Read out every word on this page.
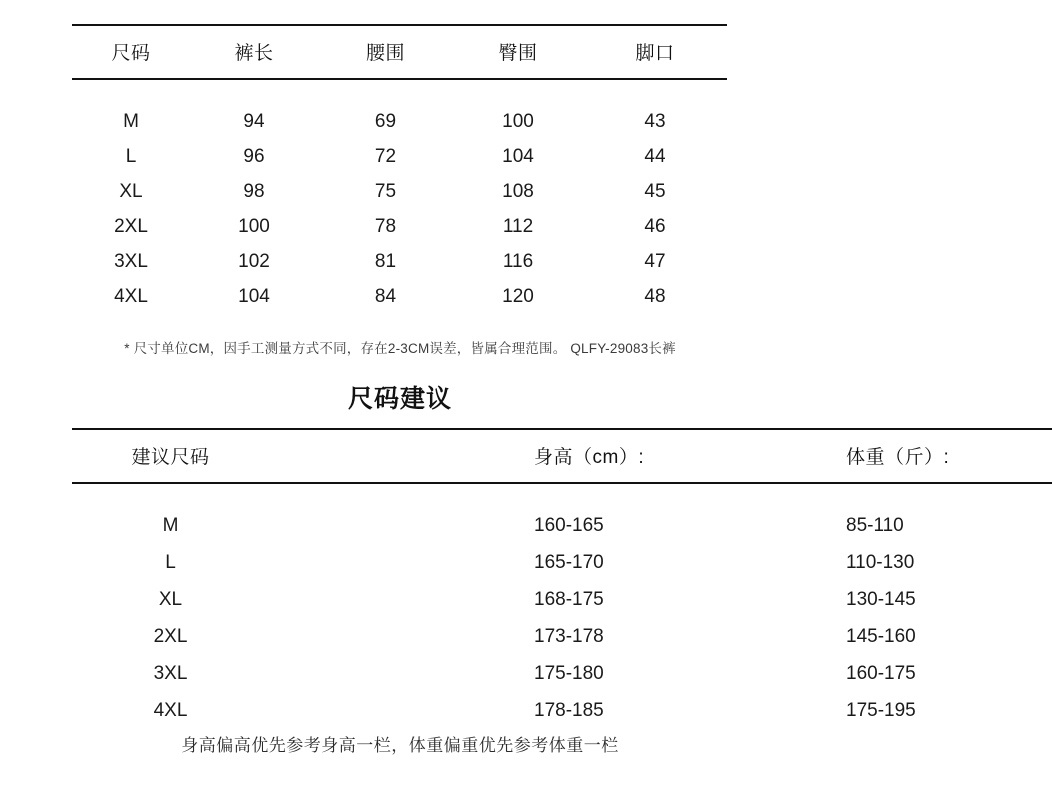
尺码	裤长	腰围	臀围	脚口
M	94	69	100	43
L	96	72	104	44
XL	98	75	108	45
2XL	100	78	112	46
3XL	102	81	116	47
4XL	104	84	120	48
* 尺寸单位CM，因手工测量方式不同，存在2-3CM误差，皆属合理范围。 QLFY-29083长裤
尺码建议
建议尺码	身高（cm）:	体重（斤）:
M	160-165	85-110
L	165-170	110-130
XL	168-175	130-145
2XL	173-178	145-160
3XL	175-180	160-175
4XL	178-185	175-195
身高偏高优先参考身高一栏，体重偏重优先参考体重一栏
